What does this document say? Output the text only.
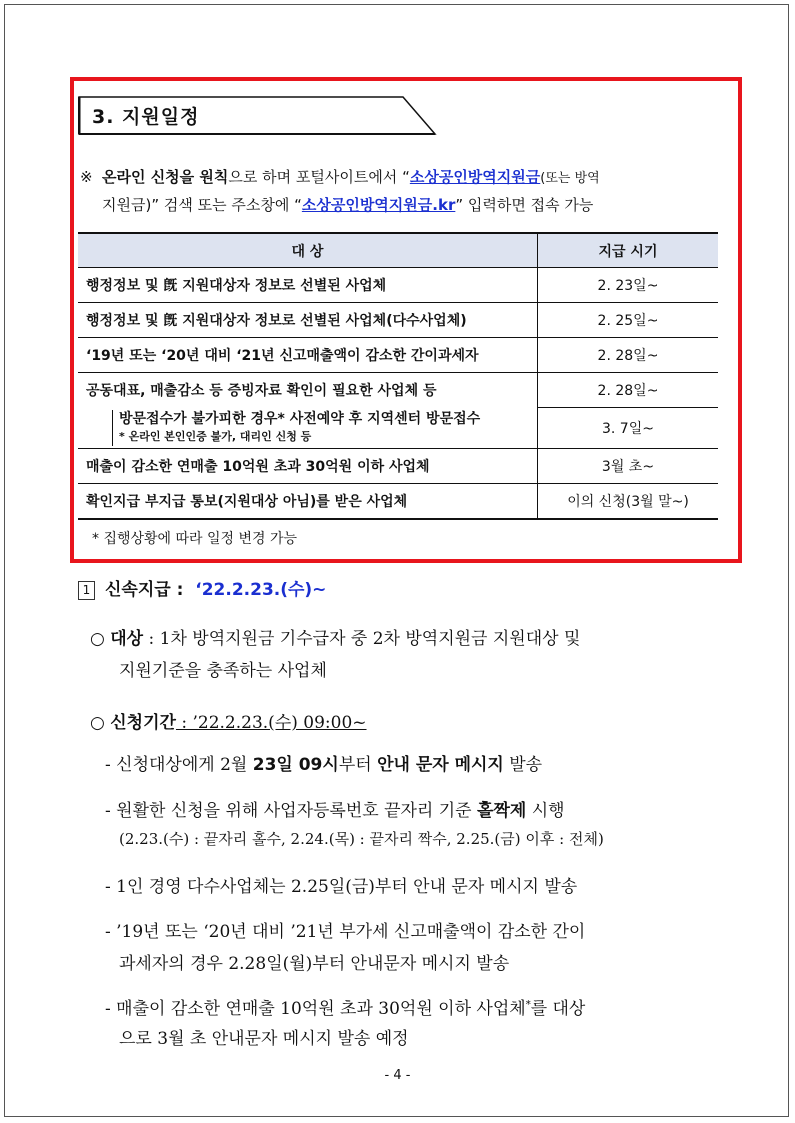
3. 지원일정
※ 온라인 신청을 원칙으로 하며 포털사이트에서 “소상공인방역지원금(또는 방역
지원금)” 검색 또는 주소창에 “소상공인방역지원금.kr” 입력하면 접속 가능
대 상	지급 시기
행정정보 및 旣 지원대상자 정보로 선별된 사업체	2. 23일~
행정정보 및 旣 지원대상자 정보로 선별된 사업체(다수사업체)	2. 25일~
‘19년 또는 ‘20년 대비 ‘21년 신고매출액이 감소한 간이과세자	2. 28일~
공동대표, 매출감소 등 증빙자료 확인이 필요한 사업체 등	2. 28일~

방문접수가 불가피한 경우* 사전예약 후 지역센터 방문접수
* 온라인 본인인증 불가, 대리인 신청 등	3. 7일~
매출이 감소한 연매출 10억원 초과 30억원 이하 사업체	3월 초~
확인지급 부지급 통보(지원대상 아님)를 받은 사업체	이의 신청(3월 말~)
* 집행상황에 따라 일정 변경 가능
1 신속지급 : ‘22.2.23.(수)~
○ 대상 : 1차 방역지원금 기수급자 중 2차 방역지원금 지원대상 및
지원기준을 충족하는 사업체
○ 신청기간 : ’22.2.23.(수) 09:00~
- 신청대상에게 2월 23일 09시부터 안내 문자 메시지 발송
- 원활한 신청을 위해 사업자등록번호 끝자리 기준 홀짝제 시행
(2.23.(수) : 끝자리 홀수, 2.24.(목) : 끝자리 짝수, 2.25.(금) 이후 : 전체)
- 1인 경영 다수사업체는 2.25일(금)부터 안내 문자 메시지 발송
- ’19년 또는 ‘20년 대비 ’21년 부가세 신고매출액이 감소한 간이
과세자의 경우 2.28일(월)부터 안내문자 메시지 발송
- 매출이 감소한 연매출 10억원 초과 30억원 이하 사업체*를 대상
으로 3월 초 안내문자 메시지 발송 예정
- 4 -
